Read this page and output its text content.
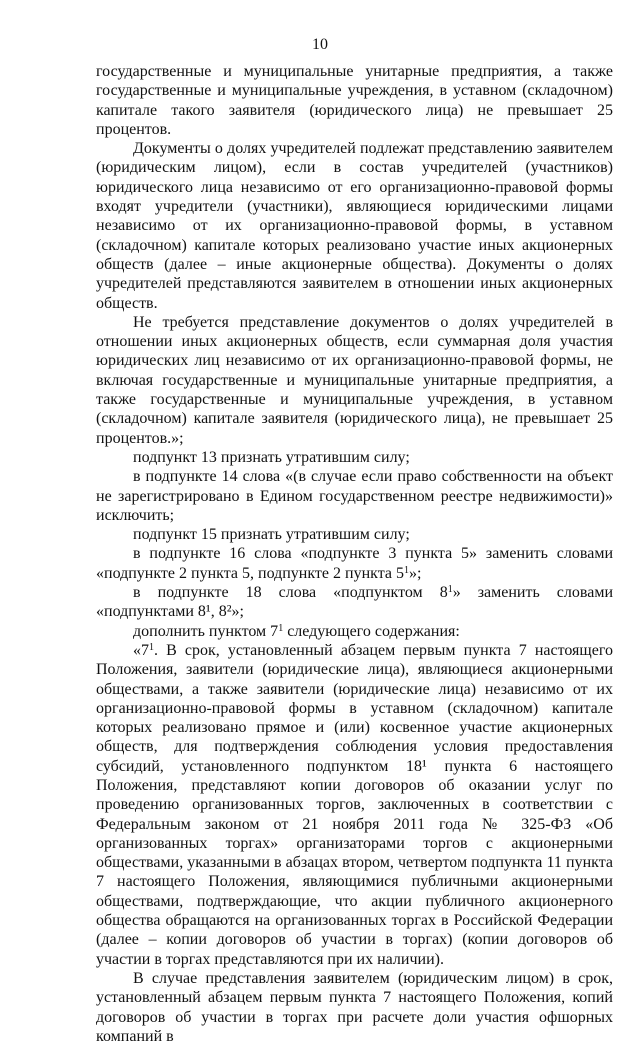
10

государственные и муниципальные унитарные предприятия, а также государственные и муниципальные учреждения, в уставном (складочном) капитале такого заявителя (юридического лица) не превышает 25 процентов.

Документы о долях учредителей подлежат представлению заявителем (юридическим лицом), если в состав учредителей (участников) юридического лица независимо от его организационно-правовой формы входят учредители (участники), являющиеся юридическими лицами независимо от их организационно-правовой формы, в уставном (складочном) капитале которых реализовано участие иных акционерных обществ (далее – иные акционерные общества). Документы о долях учредителей представляются заявителем в отношении иных акционерных обществ.

Не требуется представление документов о долях учредителей в отношении иных акционерных обществ, если суммарная доля участия юридических лиц независимо от их организационно-правовой формы, не включая государственные и муниципальные унитарные предприятия, а также государственные и муниципальные учреждения, в уставном (складочном) капитале заявителя (юридического лица), не превышает 25 процентов.»;

подпункт 13 признать утратившим силу;

в подпункте 14 слова «(в случае если право собственности на объект не зарегистрировано в Едином государственном реестре недвижимости)» исключить;

подпункт 15 признать утратившим силу;

в подпункте 16 слова «подпункте 3 пункта 5» заменить словами «подпункте 2 пункта 5, подпункте 2 пункта $5^1$»;

в подпункте 18 слова «подпунктом $8^1$» заменить словами «подпунктами 8¹, 8²»;

дополнить пунктом $7^1$ следующего содержания:

«$7^1$. В срок, установленный абзацем первым пункта 7 настоящего Положения, заявители (юридические лица), являющиеся акционерными обществами, а также заявители (юридические лица) независимо от их организационно-правовой формы в уставном (складочном) капитале которых реализовано прямое и (или) косвенное участие акционерных обществ, для подтверждения соблюдения условия предоставления субсидий, установленного подпунктом 18¹ пункта 6 настоящего Положения, представляют копии договоров об оказании услуг по проведению организованных торгов, заключенных в соответствии с Федеральным законом от 21 ноября 2011 года № 325-ФЗ «Об организованных торгах» организаторами торгов с акционерными обществами, указанными в абзацах втором, четвертом подпункта 11 пункта 7 настоящего Положения, являющимися публичными акционерными обществами, подтверждающие, что акции публичного акционерного общества обращаются на организованных торгах в Российской Федерации (далее – копии договоров об участии в торгах) (копии договоров об участии в торгах представляются при их наличии).

В случае представления заявителем (юридическим лицом) в срок, установленный абзацем первым пункта 7 настоящего Положения, копий договоров об участии в торгах при расчете доли участия офшорных компаний в
